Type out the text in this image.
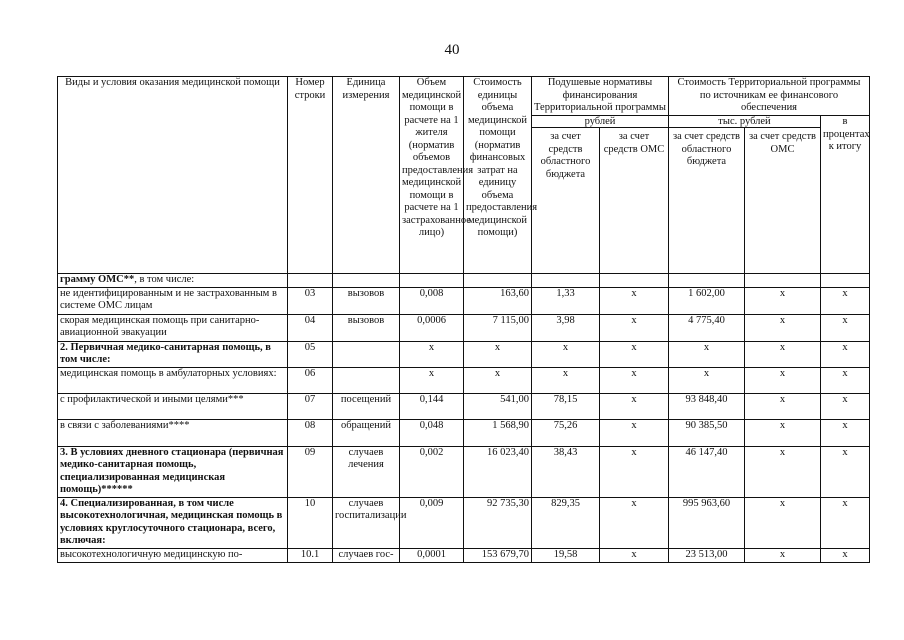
40
Виды и условия оказания медицинской помощи	Номер строки	Единица измерения	Объем медицинской помощи в расчете на 1 жителя (норматив объемов предоставления медицинской помощи в расчете на 1 застрахованное лицо)	Стоимость единицы объема медицинской помощи (норматив финансовых затрат на единицу объема предоставления медицинской помощи)	Подушевые нормативы финансирования Территориальной программы		Стоимость Территориальной программы по источникам ее финансового обеспечения		
					рублей		тыс. рублей		в процентах к итогу
					за счет средств областного бюджета	за счет средств ОМС	за счет средств областного бюджета	за счет средств ОМС	
грамму ОМС**, в том числе:									
не идентифицированным и не застрахованным в системе ОМС лицам	03	вызовов	0,008	163,60	1,33	х	1 602,00	х	х
скорая медицинская помощь при санитарно-авиационной эвакуации	04	вызовов	0,0006	7 115,00	3,98	х	4 775,40	х	х
2. Первичная медико-санитарная помощь, в том числе:	05		х	х	х	х	х	х	х
медицинская помощь в амбулаторных условиях:	06		х	х	х	х	х	х	х
с профилактической и иными целями***	07	посещений	0,144	541,00	78,15	х	93 848,40	х	х
в связи с заболеваниями****	08	обращений	0,048	1 568,90	75,26	х	90 385,50	х	х
3. В условиях дневного стационара (первичная медико-санитарная помощь, специализированная медицинская помощь)******	09	случаев лечения	0,002	16 023,40	38,43	х	46 147,40	х	х
4. Специализированная, в том числе высокотехнологичная, медицинская помощь в условиях круглосуточного стационара, всего, включая:	10	случаев госпитализации	0,009	92 735,30	829,35	х	995 963,60	х	х
высокотехнологичную медицинскую по-	10.1	случаев гос-	0,0001	153 679,70	19,58	х	23 513,00	х	х
